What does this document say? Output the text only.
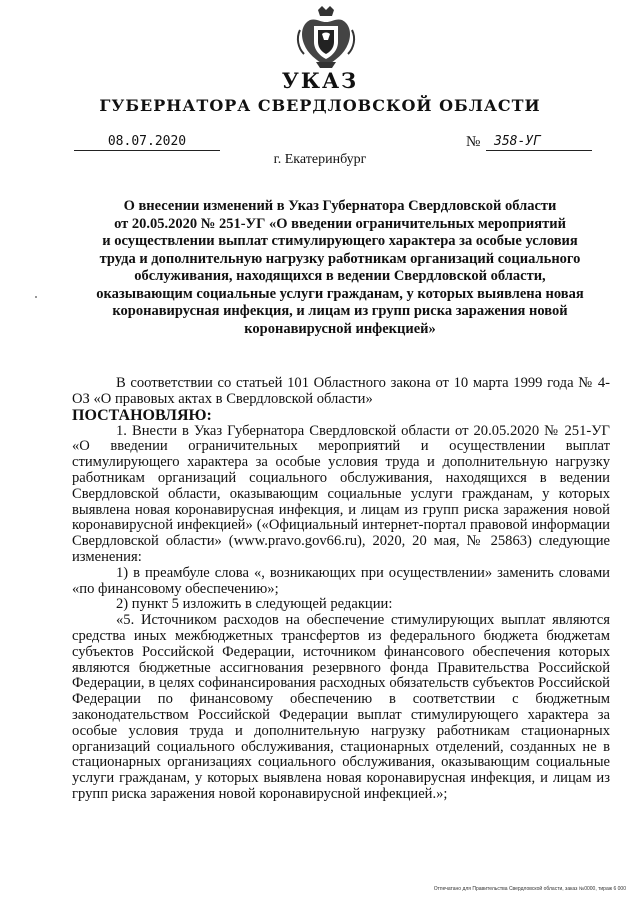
УКАЗ
ГУБЕРНАТОРА СВЕРДЛОВСКОЙ ОБЛАСТИ
08.07.2020	№	358-УГ
г. Екатеринбург
О внесении изменений в Указ Губернатора Свердловской области
от 20.05.2020 № 251-УГ «О введении ограничительных мероприятий
и осуществлении выплат стимулирующего характера за особые условия
труда и дополнительную нагрузку работникам организаций социального
обслуживания, находящихся в ведении Свердловской области,
оказывающим социальные услуги гражданам, у которых выявлена новая
коронавирусная инфекция, и лицам из групп риска заражения новой
коронавирусной инфекцией»

В соответствии со статьей 101 Областного закона от 10 марта 1999 года № 4-ОЗ «О правовых актах в Свердловской области»

ПОСТАНОВЛЯЮ:

1. Внести в Указ Губернатора Свердловской области от 20.05.2020 № 251-УГ «О введении ограничительных мероприятий и осуществлении выплат стимулирующего характера за особые условия труда и дополнительную нагрузку работникам организаций социального обслуживания, находящихся в ведении Свердловской области, оказывающим социальные услуги гражданам, у которых выявлена новая коронавирусная инфекция, и лицам из групп риска заражения новой коронавирусной инфекцией» («Официальный интернет-портал правовой информации Свердловской области» (www.pravo.gov66.ru), 2020, 20 мая, № 25863) следующие изменения:

1) в преамбуле слова «, возникающих при осуществлении» заменить словами «по финансовому обеспечению»;

2) пункт 5 изложить в следующей редакции:

«5. Источником расходов на обеспечение стимулирующих выплат являются средства иных межбюджетных трансфертов из федерального бюджета бюджетам субъектов Российской Федерации, источником финансового обеспечения которых являются бюджетные ассигнования резервного фонда Правительства Российской Федерации, в целях софинансирования расходных обязательств субъектов Российской Федерации по финансовому обеспечению в соответствии с бюджетным законодательством Российской Федерации выплат стимулирующего характера за особые условия труда и дополнительную нагрузку работникам стационарных организаций социального обслуживания, стационарных отделений, созданных не в стационарных организациях социального обслуживания, оказывающим социальные услуги гражданам, у которых выявлена новая коронавирусная инфекция, и лицам из групп риска заражения новой коронавирусной инфекцией.»;

Отпечатано для Правительства Свердловской области, заказ №0000, тираж 6 000
